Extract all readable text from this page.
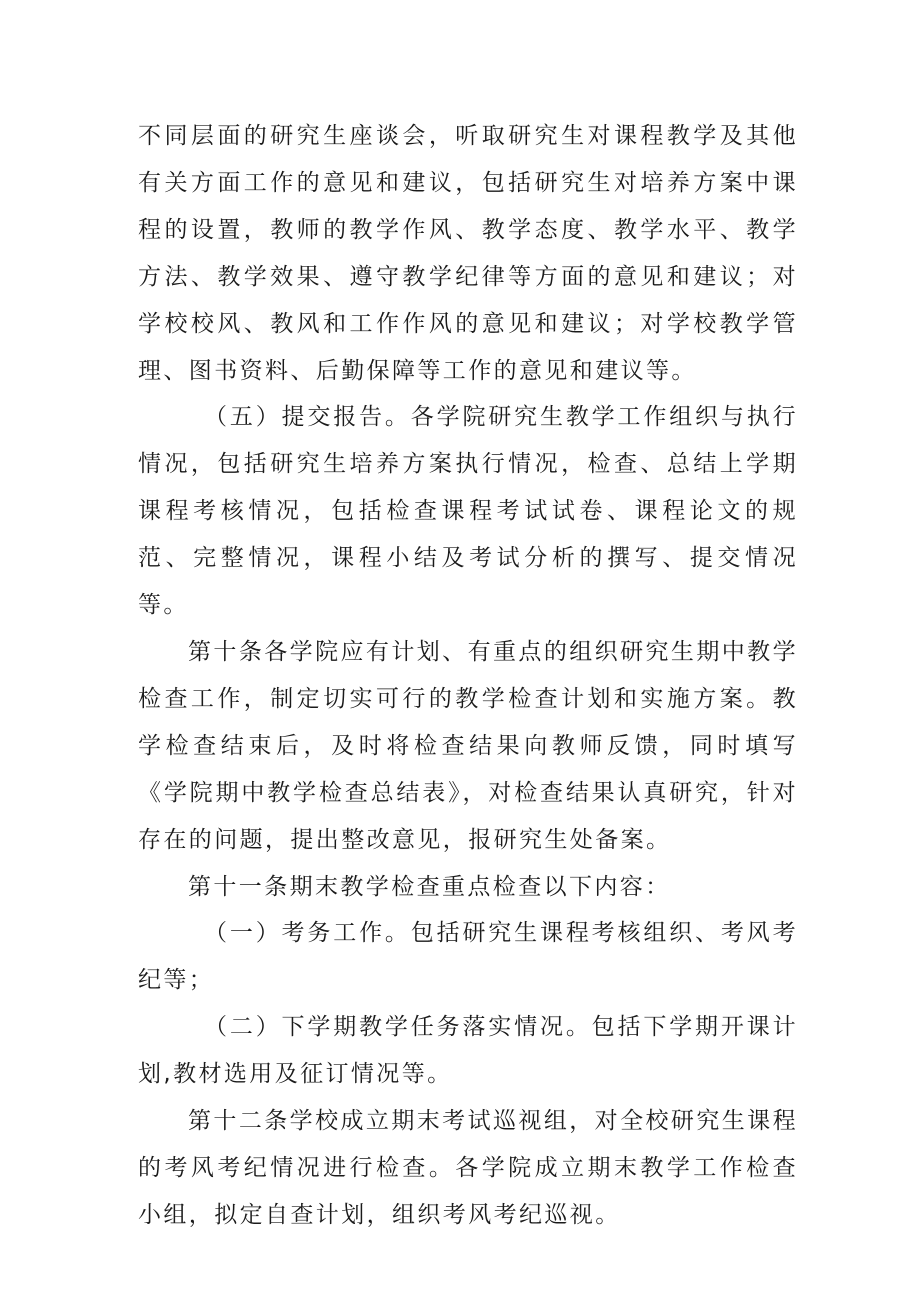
不同层面的研究生座谈会，听取研究生对课程教学及其他有关方面工作的意见和建议，包括研究生对培养方案中课程的设置，教师的教学作风、教学态度、教学水平、教学方法、教学效果、遵守教学纪律等方面的意见和建议；对学校校风、教风和工作作风的意见和建议；对学校教学管理、图书资料、后勤保障等工作的意见和建议等。

（五）提交报告。各学院研究生教学工作组织与执行情况，包括研究生培养方案执行情况，检查、总结上学期课程考核情况，包括检查课程考试试卷、课程论文的规范、完整情况，课程小结及考试分析的撰写、提交情况等。

第十条各学院应有计划、有重点的组织研究生期中教学检查工作，制定切实可行的教学检查计划和实施方案。教学检查结束后，及时将检查结果向教师反馈，同时填写《学院期中教学检查总结表》，对检查结果认真研究，针对存在的问题，提出整改意见，报研究生处备案。

第十一条期末教学检查重点检查以下内容：

（一）考务工作。包括研究生课程考核组织、考风考纪等；

（二）下学期教学任务落实情况。包括下学期开课计划,教材选用及征订情况等。

第十二条学校成立期末考试巡视组，对全校研究生课程的考风考纪情况进行检查。各学院成立期末教学工作检查小组，拟定自查计划，组织考风考纪巡视。
